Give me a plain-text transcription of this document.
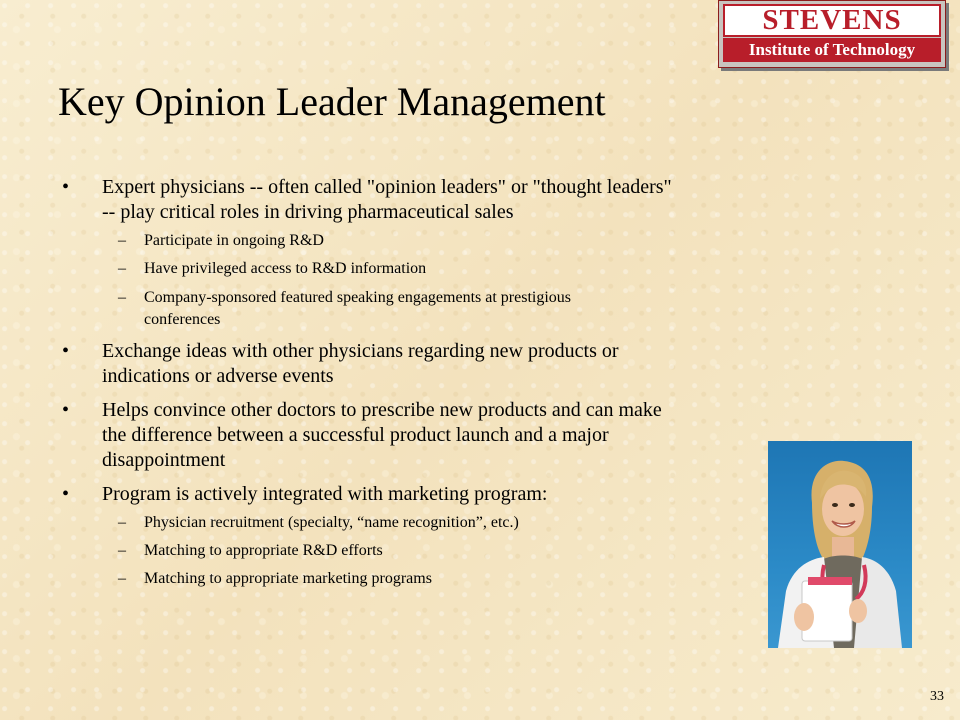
STEVENS
Institute of Technology
Key Opinion Leader Management
• Expert physicians -- often called "opinion leaders" or "thought leaders"
-- play critical roles in driving pharmaceutical sales
– Participate in ongoing R&D
– Have privileged access to R&D information
– Company-sponsored featured speaking engagements at prestigious
conferences
• Exchange ideas with other physicians regarding new products or
indications or adverse events
• Helps convince other doctors to prescribe new products and can make
the difference between a successful product launch and a major
disappointment
• Program is actively integrated with marketing program:
– Physician recruitment (specialty, “name recognition”, etc.)
– Matching to appropriate R&D efforts
– Matching to appropriate marketing programs
33
